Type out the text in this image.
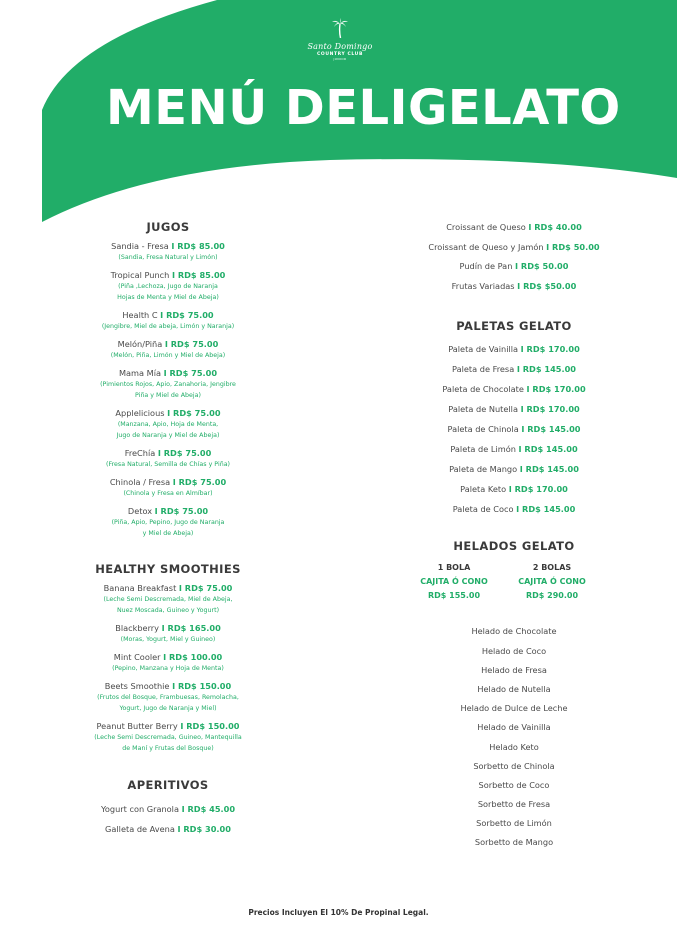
Santo Domingo
COUNTRY CLUB
JUNIOR
MENÚ DELIGELATO
JUGOS
Sandia - Fresa I RD$ 85.00
(Sandia, Fresa Natural y Limón)
Tropical Punch I RD$ 85.00
(Piña ,Lechoza, Jugo de Naranja
Hojas de Menta y Miel de Abeja)
Health C I RD$ 75.00
(Jengibre, Miel de abeja, Limón y Naranja)
Melón/Piña I RD$ 75.00
(Melón, Piña, Limón y Miel de Abeja)
Mama Mía I RD$ 75.00
(Pimientos Rojos, Apio, Zanahoria, Jengibre
Piña y Miel de Abeja)
Applelicious I RD$ 75.00
(Manzana, Apio, Hoja de Menta,
Jugo de Naranja y Miel de Abeja)
FreChía I RD$ 75.00
(Fresa Natural, Semilla de Chías y Piña)
Chinola / Fresa I RD$ 75.00
(Chinola y Fresa en Almíbar)
Detox I RD$ 75.00
(Piña, Apio, Pepino, Jugo de Naranja
y Miel de Abeja)
HEALTHY SMOOTHIES
Banana Breakfast I RD$ 75.00
(Leche Semi Descremada, Miel de Abeja,
Nuez Moscada, Guineo y Yogurt)
Blackberry I RD$ 165.00
(Moras, Yogurt, Miel y Guineo)
Mint Cooler I RD$ 100.00
(Pepino, Manzana y Hoja de Menta)
Beets Smoothie I RD$ 150.00
(Frutos del Bosque, Frambuesas, Remolacha,
Yogurt, Jugo de Naranja y Miel)
Peanut Butter Berry I RD$ 150.00
(Leche Semi Descremada, Guineo, Mantequilla
de Maní y Frutas del Bosque)
APERITIVOS
Yogurt con Granola I RD$ 45.00
Galleta de Avena I RD$ 30.00
Croissant de Queso I RD$ 40.00
Croissant de Queso y Jamón I RD$ 50.00
Pudín de Pan I RD$ 50.00
Frutas Variadas I RD$ $50.00
PALETAS GELATO
Paleta de Vainilla I RD$ 170.00
Paleta de Fresa I RD$ 145.00
Paleta de Chocolate I RD$ 170.00
Paleta de Nutella I RD$ 170.00
Paleta de Chinola I RD$ 145.00
Paleta de Limón I RD$ 145.00
Paleta de Mango I RD$ 145.00
Paleta Keto I RD$ 170.00
Paleta de Coco I RD$ 145.00
HELADOS GELATO
1 BOLA
CAJITA Ó CONO
RD$ 155.00
2 BOLAS
CAJITA Ó CONO
RD$ 290.00
Helado de Chocolate
Helado de Coco
Helado de Fresa
Helado de Nutella
Helado de Dulce de Leche
Helado de Vainilla
Helado Keto
Sorbetto de Chinola
Sorbetto de Coco
Sorbetto de Fresa
Sorbetto de Limón
Sorbetto de Mango
Precios Incluyen El 10% De Propinal Legal.
